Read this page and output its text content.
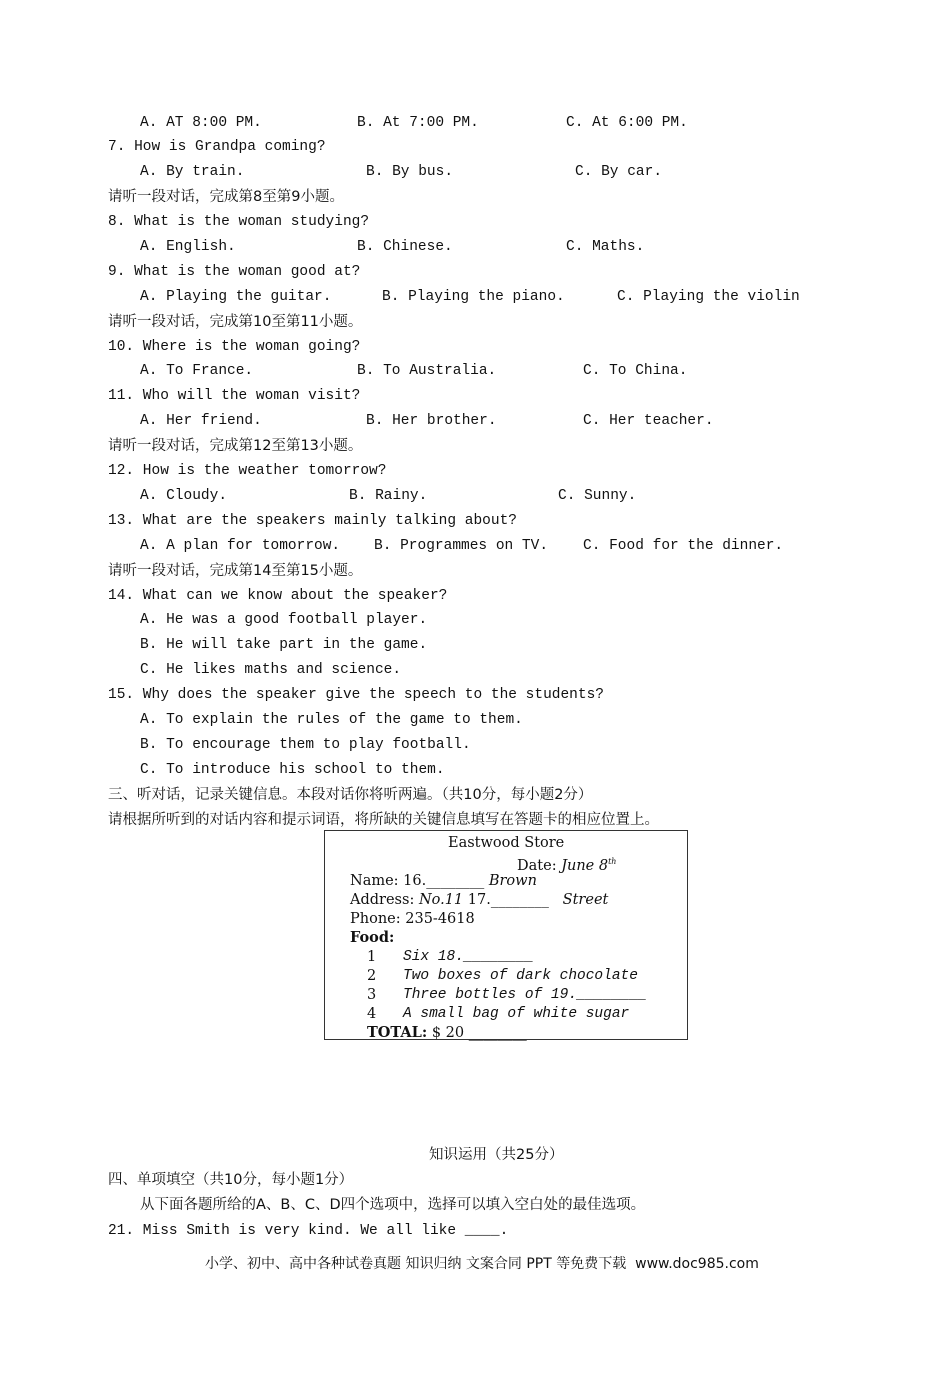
A. AT 8:00 PM.	B. At 7:00 PM.	C. At 6:00 PM.
7. How is Grandpa coming?
A. By train.	B. By bus.	C. By car.
请听一段对话，完成第8至第9小题。
8. What is the woman studying?
A. English.	B. Chinese.	C. Maths.
9. What is the woman good at?
A. Playing the guitar.	B. Playing the piano.	C. Playing the violin
请听一段对话，完成第10至第11小题。
10. Where is the woman going?
A. To France.	B. To Australia.	C. To China.
11. Who will the woman visit?
A. Her friend.	B. Her brother.	C. Her teacher.
请听一段对话，完成第12至第13小题。
12. How is the weather tomorrow?
A. Cloudy.	B. Rainy.	C. Sunny.
13. What are the speakers mainly talking about?
A. A plan for tomorrow. B. Programmes on TV. C. Food for the dinner.
请听一段对话，完成第14至第15小题。
14. What can we know about the speaker?
A. He was a good football player.
B. He will take part in the game.
C. He likes maths and science.
15. Why does the speaker give the speech to the students?
A. To explain the rules of the game to them.
B. To encourage them to play football.
C. To introduce his school to them.
三、听对话，记录关键信息。本段对话你将听两遍。（共10分，每小题2分）
请根据所听到的对话内容和提示词语，将所缺的关键信息填写在答题卡的相应位置上。
Eastwood Store
Date: June 8th
Name: 16.________ Brown
Address: No.11 17.________ Street
Phone: 235-4618
Food:
1 Six 18.________
2 Two boxes of dark chocolate
3 Three bottles of 19.________
4 A small bag of white sugar
TOTAL: $ 20 ________
知识运用（共25分）
四、单项填空（共10分，每小题1分）
从下面各题所给的A、B、C、D四个选项中，选择可以填入空白处的最佳选项。
21. Miss Smith is very kind. We all like ____.
小学、初中、高中各种试卷真题 知识归纳 文案合同 PPT 等免费下载  www.doc985.com
